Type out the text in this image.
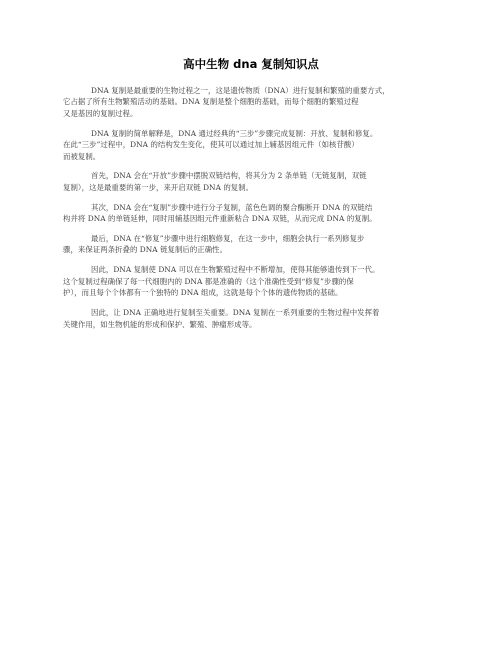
高中生物 dna 复制知识点

DNA 复制是最重要的生物过程之一，这是遗传物质（DNA）进行复制和繁殖的重要方式，
它占据了所有生物繁殖活动的基础。DNA 复制是整个细胞的基础，而每个细胞的繁殖过程
又是基因的复制过程。

DNA 复制的简单解释是，DNA 通过经典的“三步”步骤完成复制：开放、复制和修复。
在此“三步”过程中，DNA 的结构发生变化，使其可以通过加上辅基因组元件（如核苷酸）
而被复制。

首先，DNA 会在“开放”步骤中摆脱双链结构，将其分为 2 条单链（无链复制，双链
复制），这是最重要的第一步，来开启双链 DNA 的复制。

其次，DNA 会在“复制”步骤中进行分子复制，蓝色色调的聚合酶断开 DNA 的双链结
构并将 DNA 的单链延伸，同时用辅基因组元件重新粘合 DNA 双链，从而完成 DNA 的复制。

最后，DNA 在“修复”步骤中进行细胞修复，在这一步中，细胞会执行一系列修复步
骤，来保证两条折叠的 DNA 链复制后的正确性。

因此，DNA 复制使 DNA 可以在生物繁殖过程中不断增加，使得其能够遗传到下一代。
这个复制过程确保了每一代细胞内的 DNA 都是准确的（这个准确性受到“修复”步骤的保
护），而且每个个体都有一个独特的 DNA 组成，这就是每个个体的遗传物质的基础。

因此，让 DNA 正确地进行复制至关重要。DNA 复制在一系列重要的生物过程中发挥着
关键作用，如生物机能的形成和保护、繁殖、肿瘤形成等。
